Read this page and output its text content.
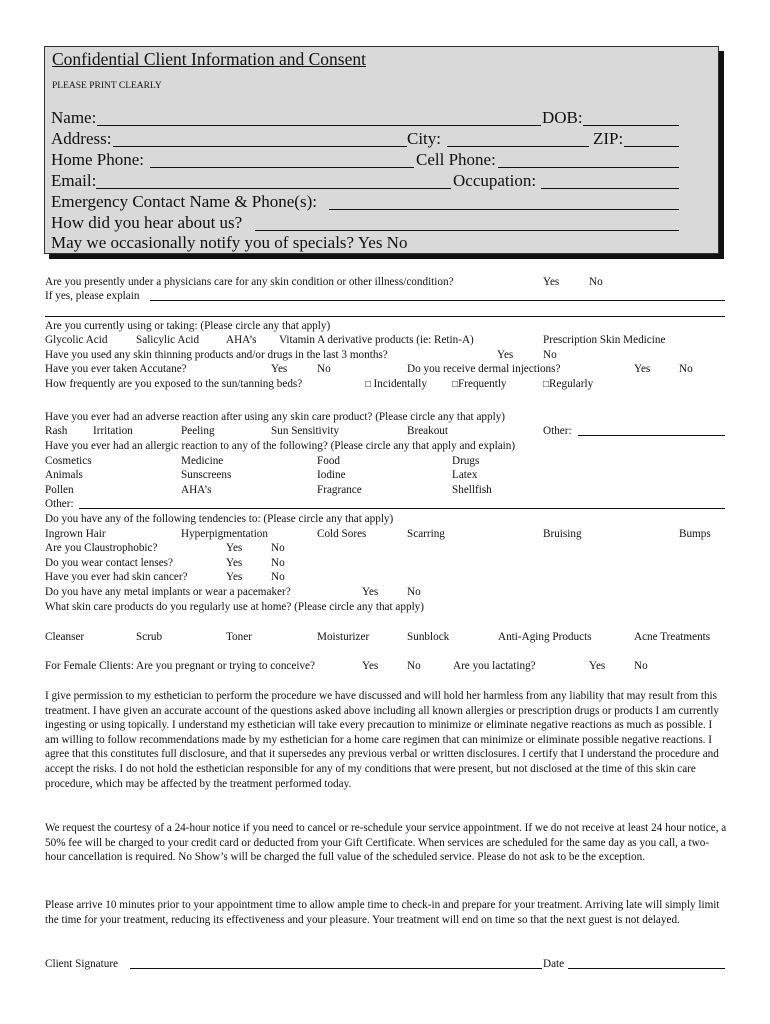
Confidential Client Information and Consent
PLEASE PRINT CLEARLY
Name:	DOB:
Address:	City:	ZIP:
Home Phone:	Cell Phone:
Email:	Occupation:
Emergency Contact Name & Phone(s):
How did you hear about us?
May we occasionally notify you of specials? Yes No
Are you presently under a physicians care for any skin condition or other illness/condition?	Yes	No
If yes, please explain
Are you currently using or taking: (Please circle any that apply)
Glycolic Acid	Salicylic Acid AHA’s Vitamin A derivative products (ie: Retin-A)	Prescription Skin Medicine
Have you used any skin thinning products and/or drugs in the last 3 months?	Yes	No
Have you ever taken Accutane?	Yes	No	Do you receive dermal injections?	Yes	No
How frequently are you exposed to the sun/tanning beds?	□ Incidentally	□Frequently	□Regularly
Have you ever had an adverse reaction after using any skin care product? (Please circle any that apply)
Rash Irritation	Peeling	Sun Sensitivity	Breakout	Other:
Have you ever had an allergic reaction to any of the following? (Please circle any that apply and explain)
Cosmetics	Medicine	Food	Drugs
Animals	Sunscreens	Iodine	Latex
Pollen	AHA’s	Fragrance	Shellfish
Other:
Do you have any of the following tendencies to: (Please circle any that apply)
Ingrown Hair	Hyperpigmentation	Cold Sores	Scarring	Bruising	Bumps
Are you Claustrophobic?	Yes	No
Do you wear contact lenses?	Yes	No
Have you ever had skin cancer?	Yes	No
Do you have any metal implants or wear a pacemaker?	Yes	No
What skin care products do you regularly use at home? (Please circle any that apply)
Cleanser	Scrub	Toner	Moisturizer	Sunblock	Anti-Aging Products	Acne Treatments
For Female Clients: Are you pregnant or trying to conceive?	Yes	No	Are you lactating?	Yes	No
I give permission to my esthetician to perform the procedure we have discussed and will hold her harmless from any liability that may result from this treatment. I have given an accurate account of the questions asked above including all known allergies or prescription drugs or products I am currently ingesting or using topically. I understand my esthetician will take every precaution to minimize or eliminate negative reactions as much as possible. I am willing to follow recommendations made by my esthetician for a home care regimen that can minimize or eliminate possible negative reactions. I agree that this constitutes full disclosure, and that it supersedes any previous verbal or written disclosures. I certify that I understand the procedure and accept the risks. I do not hold the esthetician responsible for any of my conditions that were present, but not disclosed at the time of this skin care procedure, which may be affected by the treatment performed today.
We request the courtesy of a 24-hour notice if you need to cancel or re-schedule your service appointment. If we do not receive at least 24 hour notice, a 50% fee will be charged to your credit card or deducted from your Gift Certificate. When services are scheduled for the same day as you call, a two-hour cancellation is required. No Show’s will be charged the full value of the scheduled service. Please do not ask to be the exception.
Please arrive 10 minutes prior to your appointment time to allow ample time to check-in and prepare for your treatment. Arriving late will simply limit the time for your treatment, reducing its effectiveness and your pleasure. Your treatment will end on time so that the next guest is not delayed.
Client Signature	Date
